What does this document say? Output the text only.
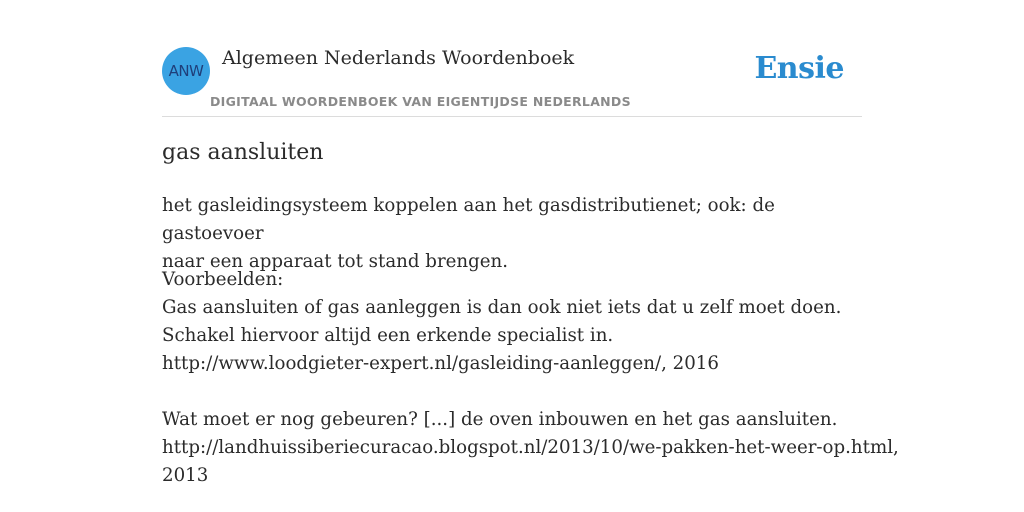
ANW
Algemeen Nederlands Woordenboek
DIGITAAL WOORDENBOEK VAN EIGENTIJDSE NEDERLANDS
Ensie
gas aansluiten
het gasleidingsysteem koppelen aan het gasdistributienet; ook: de gastoevoer
naar een apparaat tot stand brengen.
Voorbeelden:
Gas aansluiten of gas aanleggen is dan ook niet iets dat u zelf moet doen.
Schakel hiervoor altijd een erkende specialist in.
http://www.loodgieter-expert.nl/gasleiding-aanleggen/, 2016
Wat moet er nog gebeuren? [...] de oven inbouwen en het gas aansluiten.
http://landhuissiberiecuracao.blogspot.nl/2013/10/we-pakken-het-weer-op.html,
2013
